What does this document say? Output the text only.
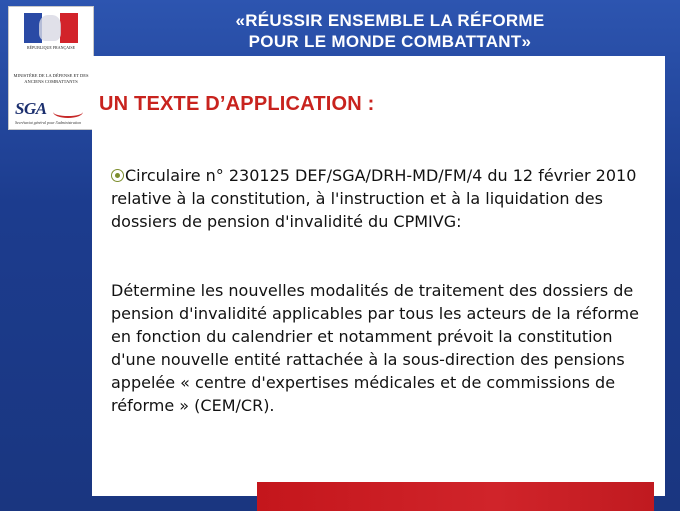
«RÉUSSIR ENSEMBLE LA RÉFORME
POUR LE MONDE COMBATTANT»
RÉPUBLIQUE FRANÇAISE
MINISTÈRE DE LA DÉFENSE ET DES ANCIENS COMBATTANTS
SGA
Secrétariat général pour l'administration
UN TEXTE D’APPLICATION :

Circulaire n° 230125 DEF/SGA/DRH-MD/FM/4 du 12 février 2010 relative à la constitution, à l'instruction et à la liquidation des dossiers de pension d'invalidité du CPMIVG:

Détermine les nouvelles modalités de traitement des dossiers de pension d'invalidité applicables par tous les acteurs de la réforme en fonction du calendrier et notamment prévoit la constitution d'une nouvelle entité rattachée à la sous-direction des pensions appelée « centre d'expertises médicales et de commissions de réforme » (CEM/CR).
